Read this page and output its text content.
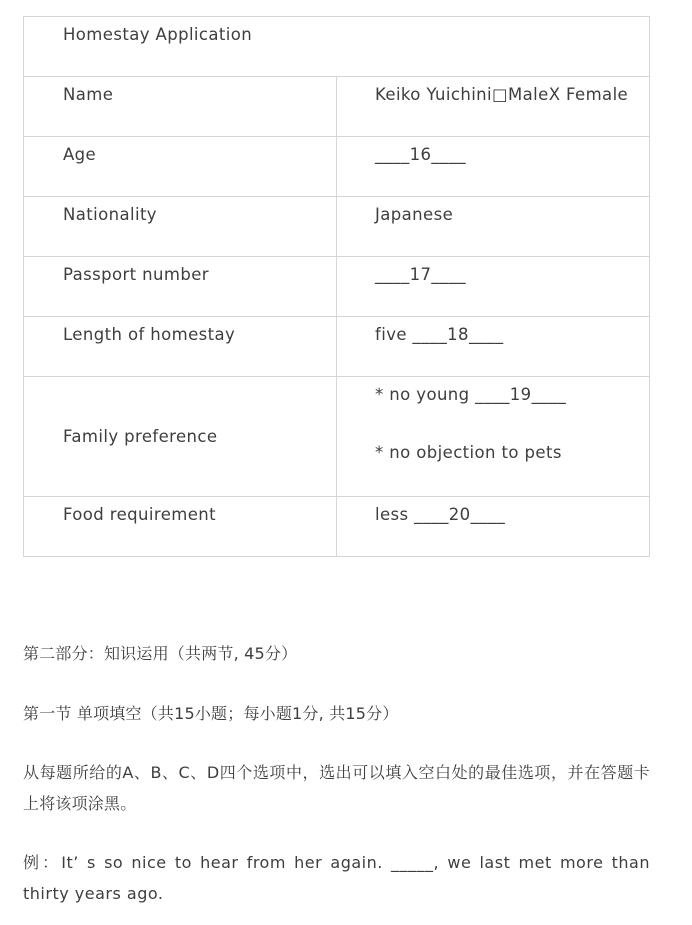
Homestay Application	
Name	Keiko Yuichini□MaleX Female
Age	____16____
Nationality	Japanese
Passport number	____17____
Length of homestay	five ____18____
Family preference	* no young ____19____
* no objection to pets

Food requirement	less ____20____

第二部分：知识运用（共两节, 45分）

第一节 单项填空（共15小题；每小题1分, 共15分）

从每题所给的A、B、C、D四个选项中，选出可以填入空白处的最佳选项，并在答题卡上将该项涂黑。

例：It’ s so nice to hear from her again. _____, we last met more than thirty years ago.
